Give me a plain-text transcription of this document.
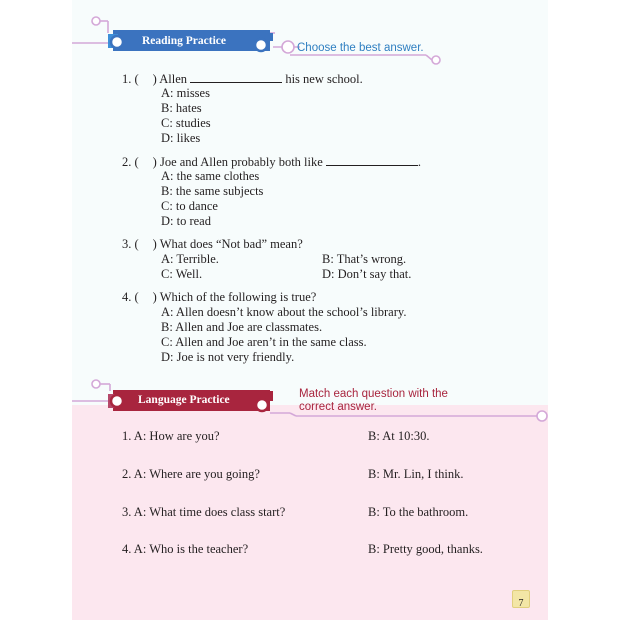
Reading Practice
Choose the best answer.
1. ( ) Allen	his new school.
A: misses
B: hates
C: studies
D: likes
2. ( ) Joe and Allen probably both like	.
A: the same clothes
B: the same subjects
C: to dance
D: to read
3. ( ) What does “Not bad” mean?
A: Terrible.	B: That’s wrong.
C: Well.	D: Don’t say that.
4. ( ) Which of the following is true?
A: Allen doesn’t know about the school’s library.
B: Allen and Joe are classmates.
C: Allen and Joe aren’t in the same class.
D: Joe is not very friendly.
Language Practice	Match each question with the
correct answer.
1. A: How are you?	B: At 10:30.
2. A: Where are you going?	B: Mr. Lin, I think.
3. A: What time does class start?	B: To the bathroom.
4. A: Who is the teacher?	B: Pretty good, thanks.
7
